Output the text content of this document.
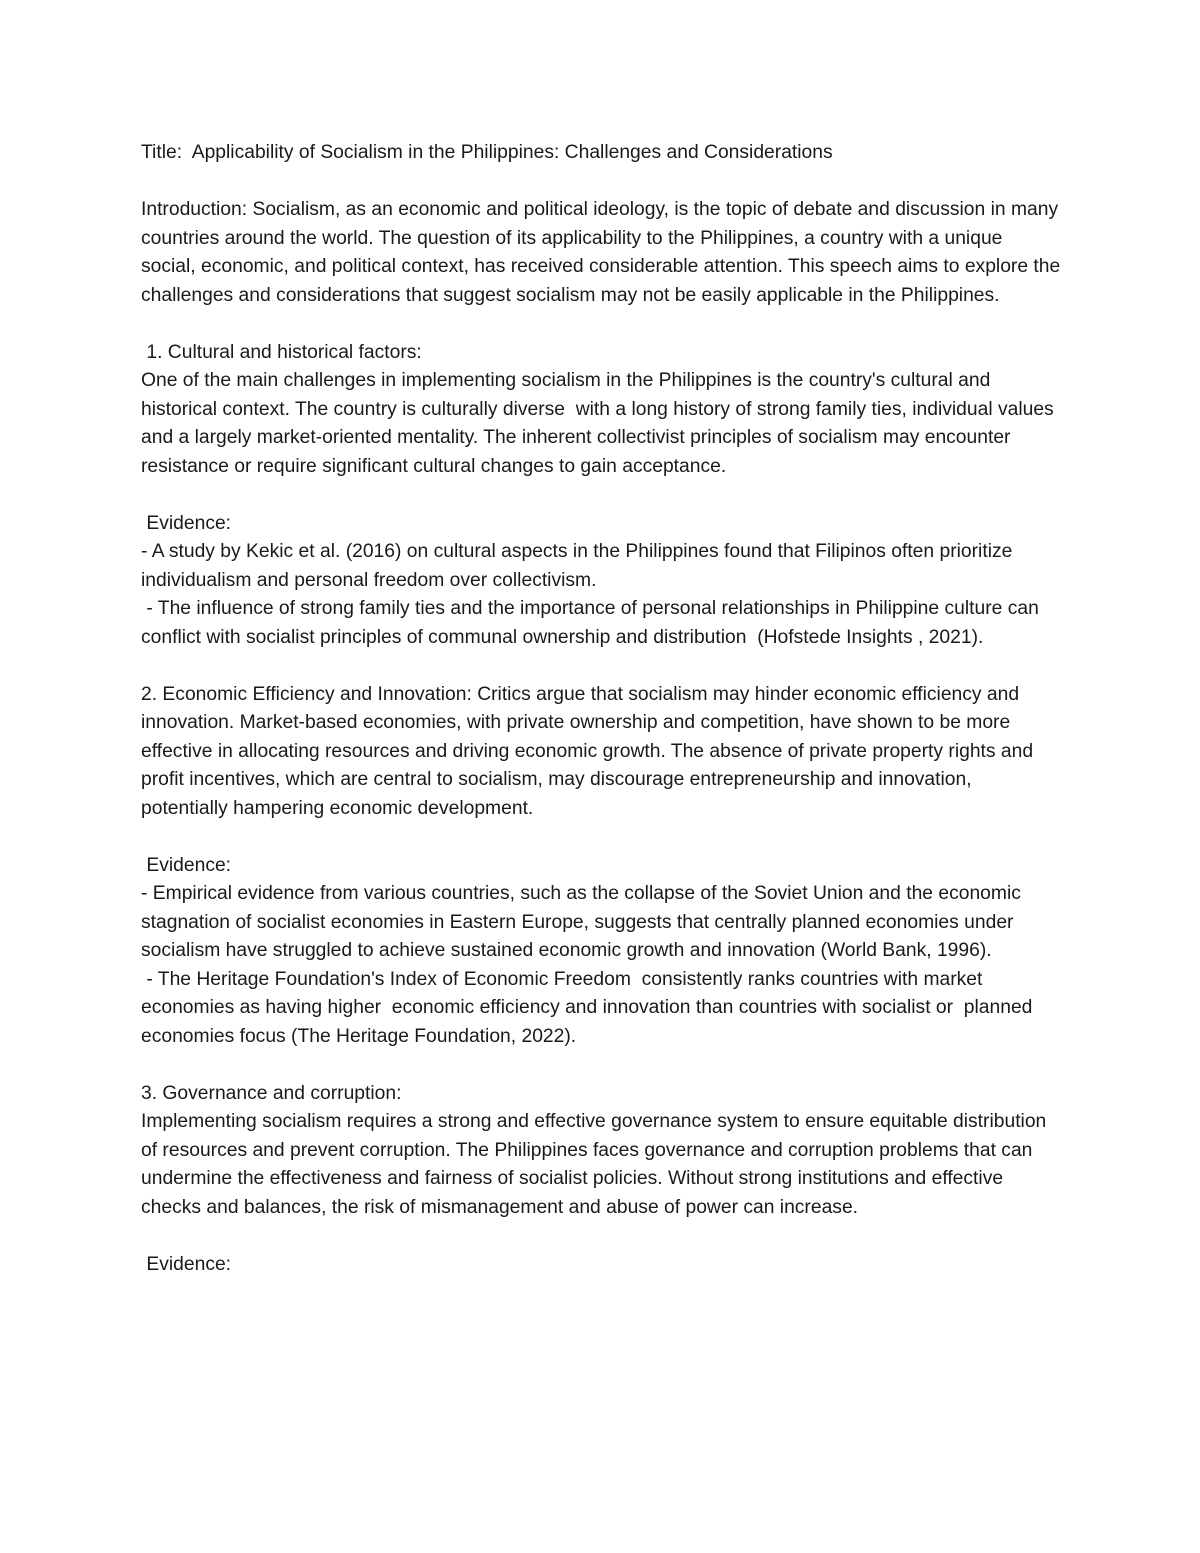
Title:  Applicability of Socialism in the Philippines: Challenges and Considerations

Introduction: Socialism, as an economic and political ideology, is the topic of debate and discussion in many countries around the world. The question of its applicability to the Philippines, a country with a unique social, economic, and political context, has received considerable attention. This speech aims to explore the challenges and considerations that suggest socialism may not be easily applicable in the Philippines.

1. Cultural and historical factors:

One of the main challenges in implementing socialism in the Philippines is the country's cultural and historical context. The country is culturally diverse  with a long history of strong family ties, individual values and a largely market-oriented mentality. The inherent collectivist principles of socialism may encounter resistance or require significant cultural changes to gain acceptance.

Evidence:

- A study by Kekic et al. (2016) on cultural aspects in the Philippines found that Filipinos often prioritize individualism and personal freedom over collectivism.

- The influence of strong family ties and the importance of personal relationships in Philippine culture can conflict with socialist principles of communal ownership and distribution  (Hofstede Insights , 2021).

2. Economic Efficiency and Innovation: Critics argue that socialism may hinder economic efficiency and innovation. Market-based economies, with private ownership and competition, have shown to be more effective in allocating resources and driving economic growth. The absence of private property rights and profit incentives, which are central to socialism, may discourage entrepreneurship and innovation, potentially hampering economic development.

Evidence:

- Empirical evidence from various countries, such as the collapse of the Soviet Union and the economic stagnation of socialist economies in Eastern Europe, suggests that centrally planned economies under socialism have struggled to achieve sustained economic growth and innovation (World Bank, 1996).

- The Heritage Foundation's Index of Economic Freedom  consistently ranks countries with market economies as having higher  economic efficiency and innovation than countries with socialist or  planned economies focus (The Heritage Foundation, 2022).

3. Governance and corruption:

Implementing socialism requires a strong and effective governance system to ensure equitable distribution of resources and prevent corruption. The Philippines faces governance and corruption problems that can undermine the effectiveness and fairness of socialist policies. Without strong institutions and effective checks and balances, the risk of mismanagement and abuse of power can increase.

Evidence:
